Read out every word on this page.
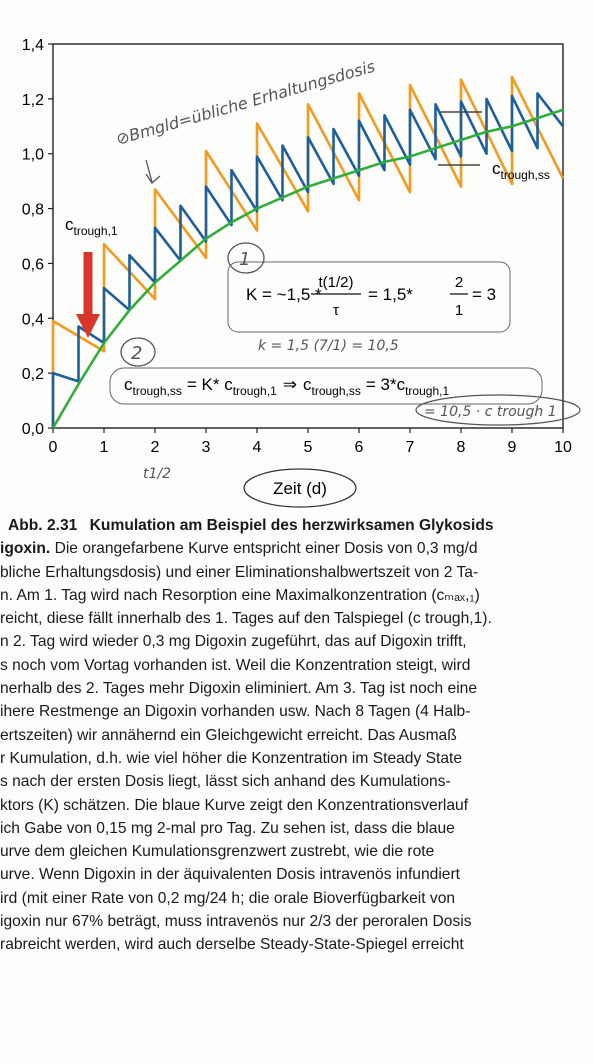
0,0
0,2
0,4
0,6
0,8
1,0
1,2
1,4
0	1	2	3	4	5	6	7	8	9 10
$c_{trough,1}$
$c_{trough,ss}$
K = ~1,5 *
t(1/2)
τ
= 1,5*
2
1
= 3
$c_{trough,ss} = K*$ $c_{trough,1}$ ⇒ $c_{trough,ss} = 3*c_{trough,1}$
⊘Bmgld=übliche Erhaltungsdosis
1
2	k = 1,5 (7/1) = 10,5
= 10,5 · c trough 1
t1/2
Zeit (d)
Abb. 2.31 Kumulation am Beispiel des herzwirksamen Glykosids
igoxin. Die orangefarbene Kurve entspricht einer Dosis von 0,3 mg/d
bliche Erhaltungsdosis) und einer Eliminationshalbwertszeit von 2 Ta-
n. Am 1. Tag wird nach Resorption eine Maximalkonzentration (cₘₐₓ,₁)
reicht, diese fällt innerhalb des 1. Tages auf den Talspiegel (c trough,1).
n 2. Tag wird wieder 0,3 mg Digoxin zugeführt, das auf Digoxin trifft,
s noch vom Vortag vorhanden ist. Weil die Konzentration steigt, wird
nerhalb des 2. Tages mehr Digoxin eliminiert. Am 3. Tag ist noch eine
ihere Restmenge an Digoxin vorhanden usw. Nach 8 Tagen (4 Halb-
ertszeiten) wir annähernd ein Gleichgewicht erreicht. Das Ausmaß
r Kumulation, d.h. wie viel höher die Konzentration im Steady State
s nach der ersten Dosis liegt, lässt sich anhand des Kumulations-
ktors (K) schätzen. Die blaue Kurve zeigt den Konzentrationsverlauf
ich Gabe von 0,15 mg 2-mal pro Tag. Zu sehen ist, dass die blaue
urve dem gleichen Kumulationsgrenzwert zustrebt, wie die rote
urve. Wenn Digoxin in der äquivalenten Dosis intravenös infundiert
ird (mit einer Rate von 0,2 mg/24 h; die orale Bioverfügbarkeit von
igoxin nur 67% beträgt, muss intravenös nur 2/3 der peroralen Dosis
rabreicht werden, wird auch derselbe Steady-State-Spiegel erreicht
